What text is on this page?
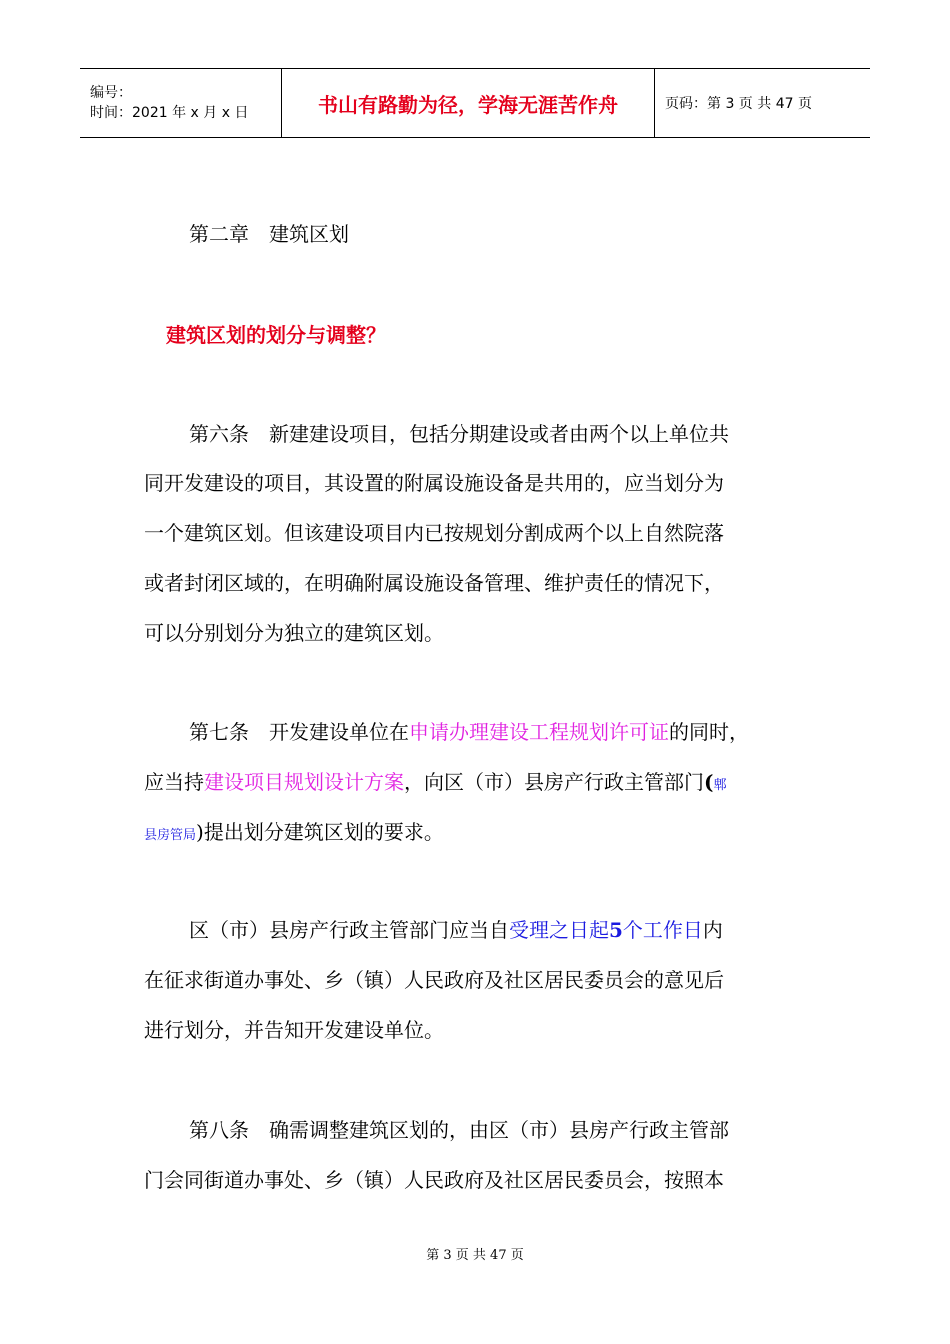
编号：
时间：2021 年 x 月 x 日	书山有路勤为径，学海无涯苦作舟	页码：第 3 页 共 47 页
第二章　建筑区划
建筑区划的划分与调整？
第六条　新建建设项目，包括分期建设或者由两个以上单位共
同开发建设的项目，其设置的附属设施设备是共用的，应当划分为
一个建筑区划。但该建设项目内已按规划分割成两个以上自然院落
或者封闭区域的，在明确附属设施设备管理、维护责任的情况下，
可以分别划分为独立的建筑区划。
第七条　开发建设单位在申请办理建设工程规划许可证的同时，
应当持建设项目规划设计方案，向区（市）县房产行政主管部门(郫
县房管局)提出划分建筑区划的要求。
区（市）县房产行政主管部门应当自受理之日起5个工作日内
在征求街道办事处、乡（镇）人民政府及社区居民委员会的意见后
进行划分，并告知开发建设单位。
第八条　确需调整建筑区划的，由区（市）县房产行政主管部
门会同街道办事处、乡（镇）人民政府及社区居民委员会，按照本
第 3 页 共 47 页
